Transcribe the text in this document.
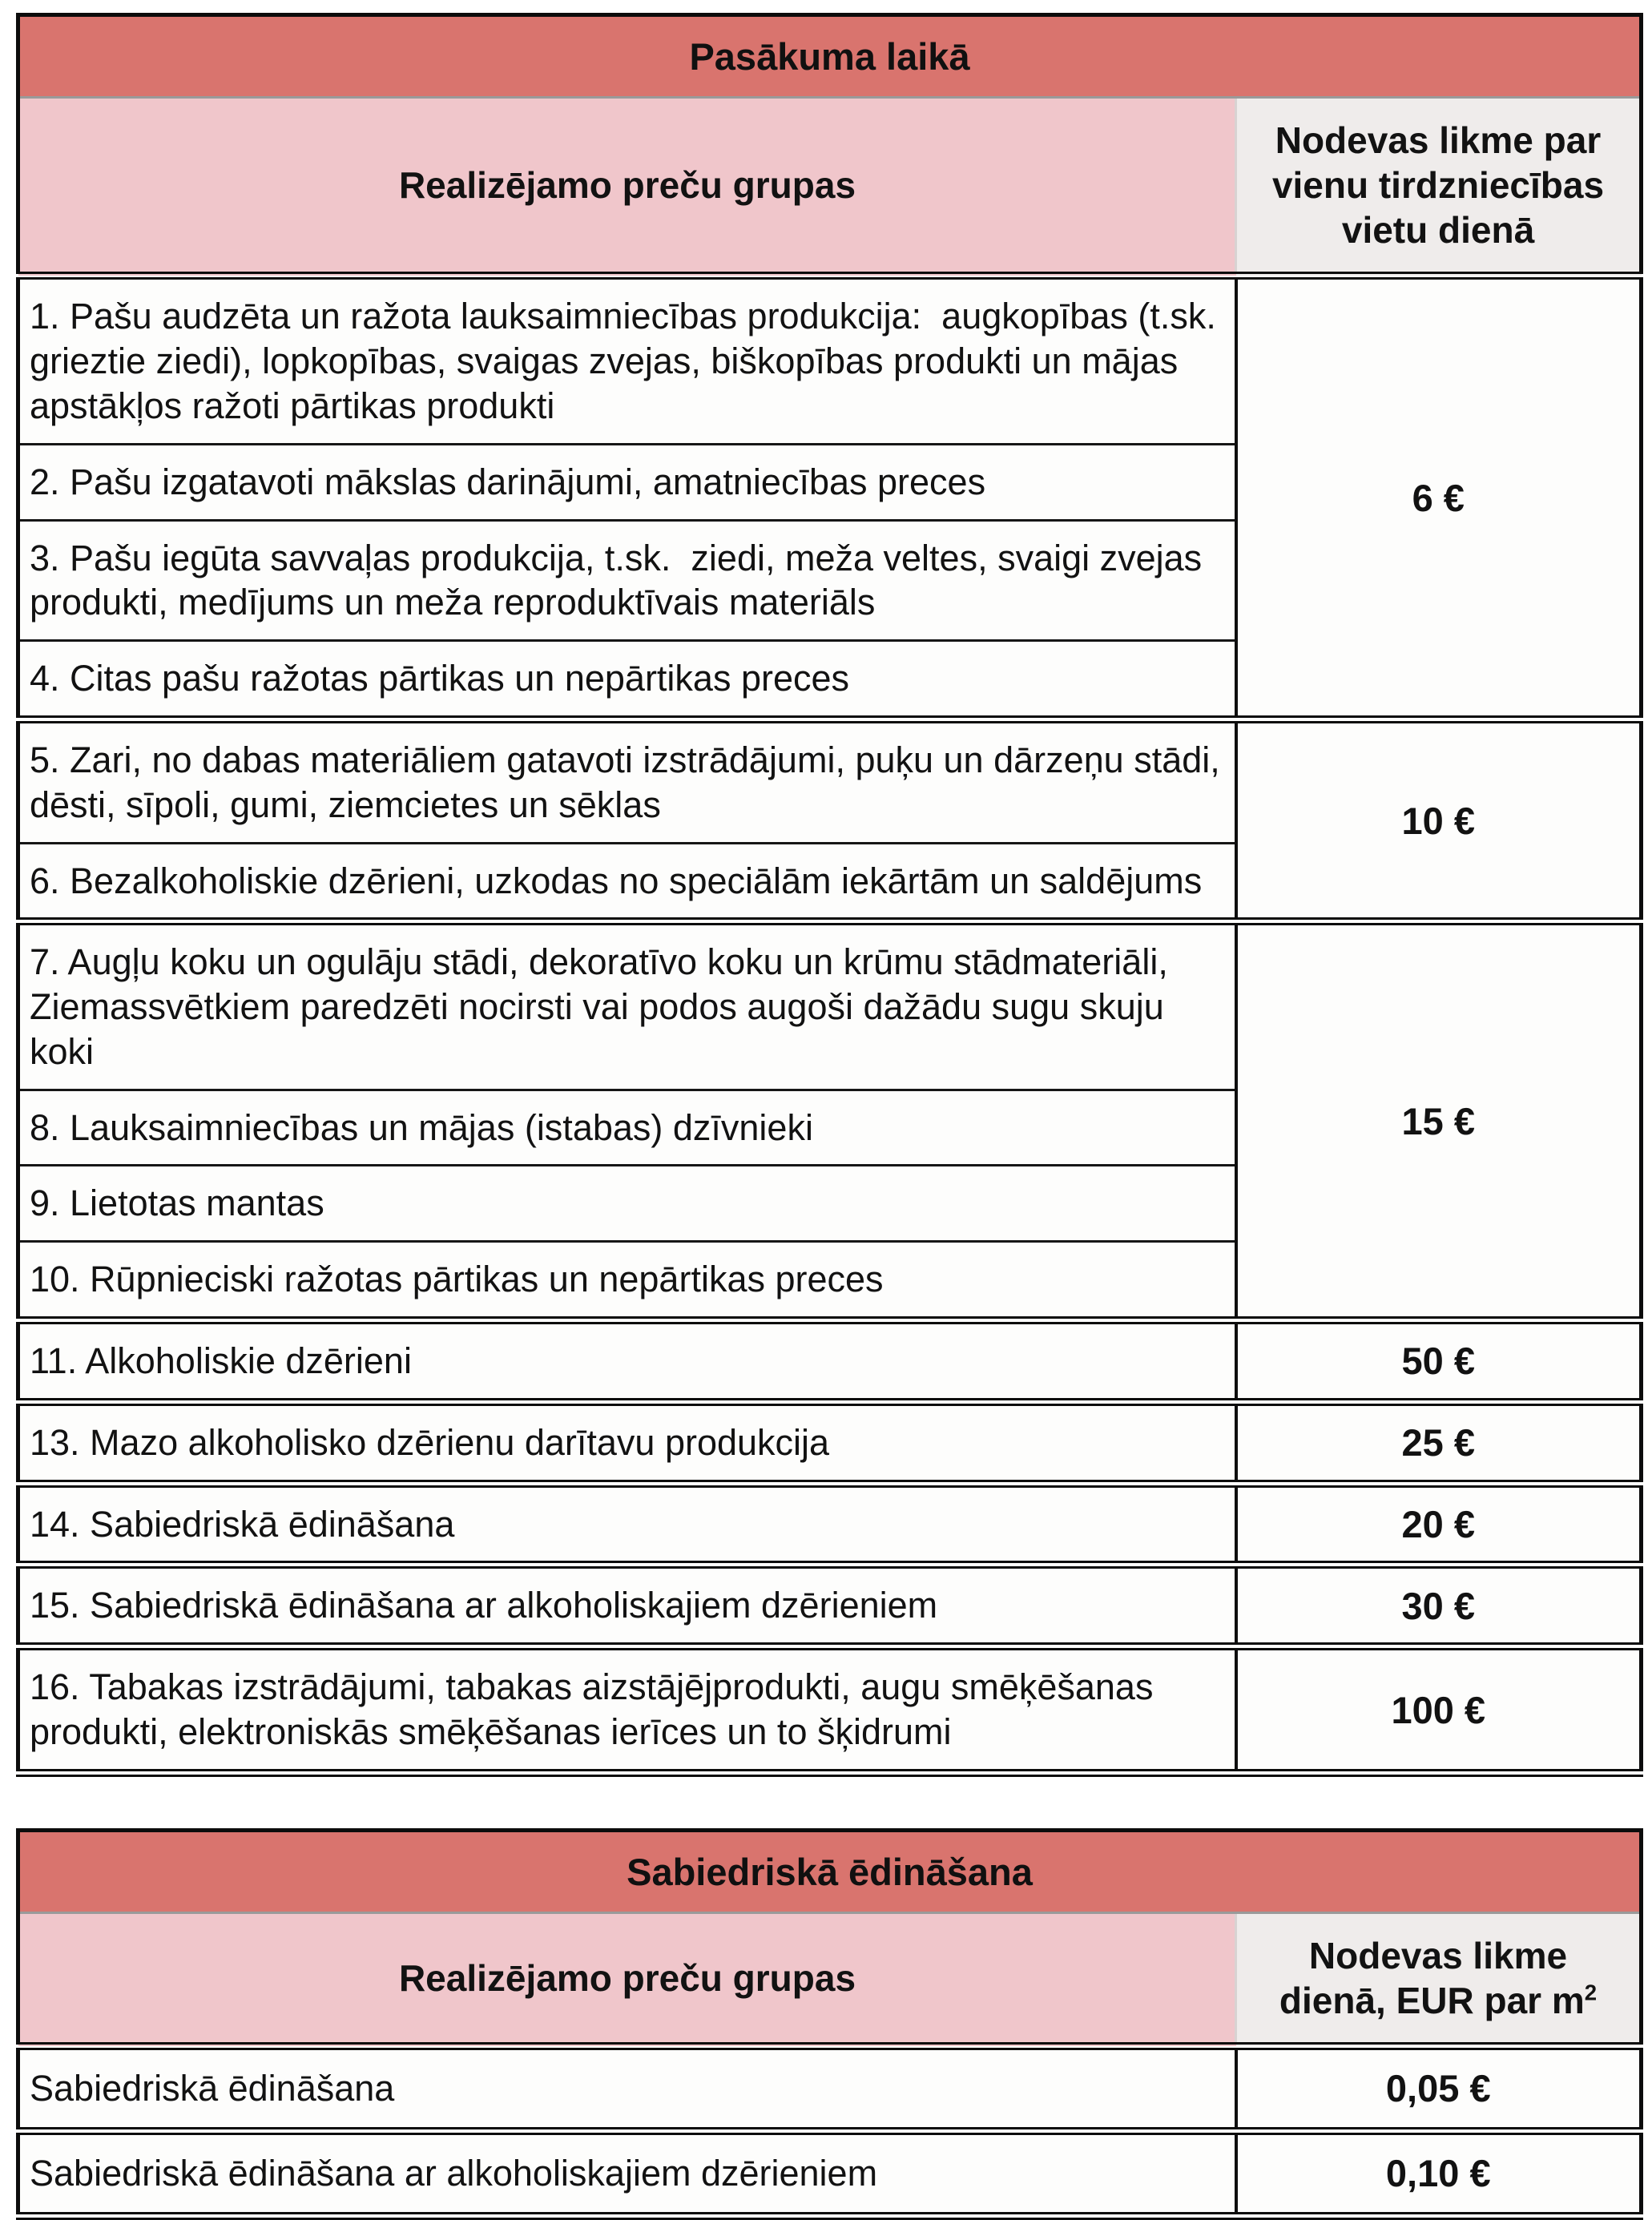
Pasākuma laikā	
Realizējamo preču grupas	Nodevas likme par vienu tirdzniecības vietu dienā
1. Pašu audzēta un ražota lauksaimniecības produkcija:  augkopības (t.sk. grieztie ziedi), lopkopības, svaigas zvejas, biškopības produkti un mājas apstākļos ražoti pārtikas produkti	6 €
2. Pašu izgatavoti mākslas darinājumi, amatniecības preces	
3. Pašu iegūta savvaļas produkcija, t.sk.  ziedi, meža veltes, svaigi zvejas produkti, medījums un meža reproduktīvais materiāls	
4. Citas pašu ražotas pārtikas un nepārtikas preces	
5. Zari, no dabas materiāliem gatavoti izstrādājumi, puķu un dārzeņu stādi, dēsti, sīpoli, gumi, ziemcietes un sēklas	10 €
6. Bezalkoholiskie dzērieni, uzkodas no speciālām iekārtām un saldējums	
7. Augļu koku un ogulāju stādi, dekoratīvo koku un krūmu stādmateriāli, Ziemassvētkiem paredzēti nocirsti vai podos augoši dažādu sugu skuju koki	15 €
8. Lauksaimniecības un mājas (istabas) dzīvnieki	
9. Lietotas mantas	
10. Rūpnieciski ražotas pārtikas un nepārtikas preces	
11. Alkoholiskie dzērieni	50 €
13. Mazo alkoholisko dzērienu darītavu produkcija	25 €
14. Sabiedriskā ēdināšana	20 €
15. Sabiedriskā ēdināšana ar alkoholiskajiem dzērieniem	30 €
16. Tabakas izstrādājumi, tabakas aizstājējprodukti, augu smēķēšanas produkti, elektroniskās smēķēšanas ierīces un to šķidrumi	100 €
Sabiedriskā ēdināšana	
Realizējamo preču grupas	Nodevas likme dienā, EUR par $m^2$
Sabiedriskā ēdināšana	0,05 €
Sabiedriskā ēdināšana ar alkoholiskajiem dzērieniem	0,10 €
